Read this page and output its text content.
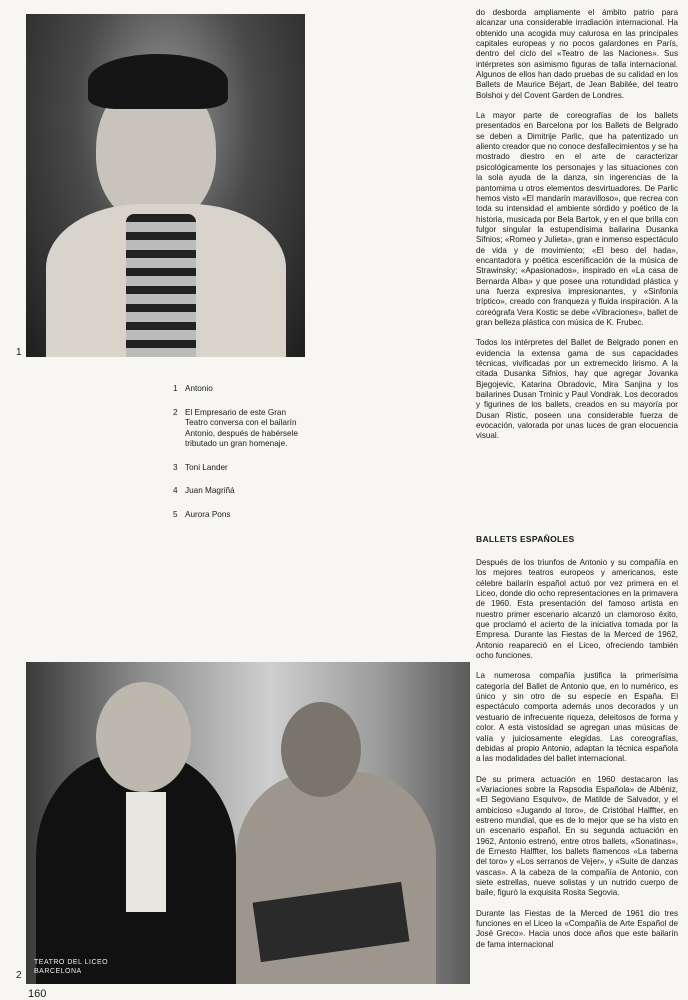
1
1 Antonio
2 El Empresario de este Gran Teatro conversa con el bailarín Antonio, después de habérsele tributado un gran homenaje.
3 Toni Lander
4 Juan Magriñá
5 Aurora Pons

do desborda ampliamente el ámbito patrio para alcanzar una considerable irradiación internacional. Ha obtenido una acogida muy calurosa en las principales capitales europeas y no pocos galardones en París, dentro del ciclo del «Teatro de las Naciones». Sus intérpretes son asimismo figuras de talla internacional. Algunos de ellos han dado pruebas de su calidad en los Ballets de Maurice Béjart, de Jean Babilée, del teatro Bolshoi y del Covent Garden de Londres.

La mayor parte de coreografías de los ballets presentados en Barcelona por los Ballets de Belgrado se deben a Dimitrije Parlic, que ha patentizado un aliento creador que no conoce desfallecimientos y se ha mostrado diestro en el arte de caracterizar psicológicamente los personajes y las situaciones con la sola ayuda de la danza, sin ingerencias de la pantomima u otros elementos desvirtuadores. De Parlic hemos visto «El mandarín maravilloso», que recrea con toda su intensidad el ambiente sórdido y poético de la historia, musicada por Bela Bartok, y en el que brilla con fulgor singular la estupendísima bailarina Dusanka Sifnios; «Romeo y Julieta», gran e inmenso espectáculo de vida y de movimiento; «El beso del hada», encantadora y poética escenificación de la música de Strawinsky; «Apasionados», inspirado en «La casa de Bernarda Alba» y que posee una rotundidad plástica y una fuerza expresiva impresionantes, y «Sinfonía tríptico», creado con franqueza y fluida inspiración. A la coreógrafa Vera Kostic se debe «Vibraciones», ballet de gran belleza plástica con música de K. Frubec.

Todos los intérpretes del Ballet de Belgrado ponen en evidencia la extensa gama de sus capacidades técnicas, vivificadas por un extremecido lirismo. A la citada Dusanka Sifnios, hay que agregar Jovanka Bjegojevic, Katarina Obradovic, Mira Sanjina y los bailarines Dusan Trninic y Paul Vondrak. Los decorados y figurines de los ballets, creados en su mayoría por Dusan Ristic, poseen una considerable fuerza de evocación, valorada por unas luces de gran elocuencia visual.

BALLETS ESPAÑOLES

Después de los triunfos de Antonio y su compañía en los mejores teatros europeos y americanos, este célebre bailarín español actuó por vez primera en el Liceo, donde dio ocho representaciones en la primavera de 1960. Esta presentación del famoso artista en nuestro primer escenario alcanzó un clamoroso éxito, que proclamó el acierto de la iniciativa tomada por la Empresa. Durante las Fiestas de la Merced de 1962, Antonio reapareció en el Liceo, ofreciendo también ocho funciones.

La numerosa compañía justifica la primerísima categoría del Ballet de Antonio que, en lo numérico, es único y sin otro de su especie en España. El espectáculo comporta además unos decorados y un vestuario de infrecuente riqueza, deleitosos de forma y color. A esta vistosidad se agregan unas músicas de valía y juiciosamente elegidas. Las coreografías, debidas al propio Antonio, adaptan la técnica española a las modalidades del ballet internacional.

De su primera actuación en 1960 destacaron las «Variaciones sobre la Rapsodia Española» de Albéniz, «El Segoviano Esquivo», de Matilde de Salvador, y el ambicioso «Jugando al toro», de Cristóbal Halffter, en estreno mundial, que es de lo mejor que se ha visto en un escenario español. En su segunda actuación en 1962, Antonio estrenó, entre otros ballets, «Sonatinas», de Ernesto Halffter, los ballets flamencos «La taberna del toro» y «Los serranos de Vejer», y «Suite de danzas vascas». A la cabeza de la compañía de Antonio, con siete estrellas, nueve solistas y un nutrido cuerpo de baile, figuró la exquisita Rosita Segovia.

Durante las Fiestas de la Merced de 1961 dio tres funciones en el Liceo la «Compañía de Arte Español de José Greco». Hacia unos doce años que este bailarín de fama internacional

TEATRO DEL LICEO
BARCELONA
2
160
